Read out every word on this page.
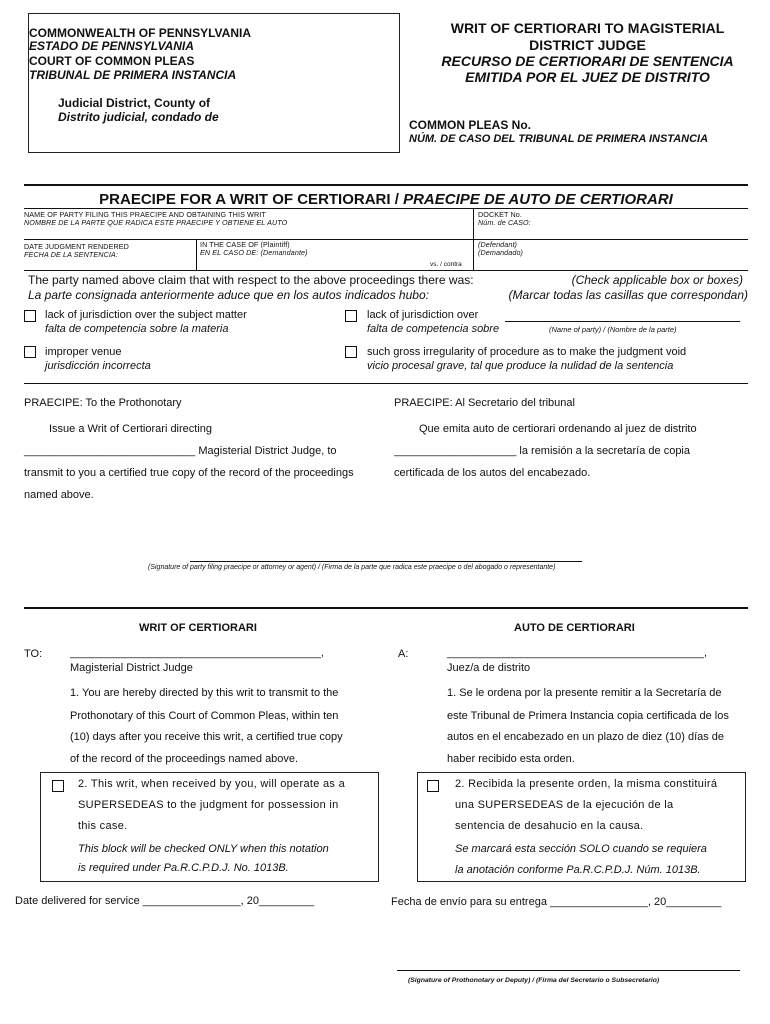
COMMONWEALTH OF PENNSYLVANIA
ESTADO DE PENNSYLVANIA
COURT OF COMMON PLEAS
TRIBUNAL DE PRIMERA INSTANCIA
Judicial District, County of
Distrito judicial, condado de
WRIT OF CERTIORARI TO MAGISTERIAL
DISTRICT JUDGE
RECURSO DE CERTIORARI DE SENTENCIA
EMITIDA POR EL JUEZ DE DISTRITO
COMMON PLEAS No.
NÚM. DE CASO DEL TRIBUNAL DE PRIMERA INSTANCIA
PRAECIPE FOR A WRIT OF CERTIORARI / PRAECIPE DE AUTO DE CERTIORARI
NAME OF PARTY FILING THIS PRAECIPE AND OBTAINING THIS WRIT
NOMBRE DE LA PARTE QUE RADICA ESTE PRAECIPE Y OBTIENE EL AUTO
DOCKET No.
Núm. de CASO:
DATE JUDGMENT RENDERED
FECHA DE LA SENTENCIA:
IN THE CASE OF (Plaintiff)
EN EL CASO DE: (Demandante)
(Defendant)
(Demandado)
vs. / contra
The party named above claim that with respect to the above proceedings there was:
La parte consignada anteriormente aduce que en los autos indicados hubo:
(Check applicable box or boxes)
(Marcar todas las casillas que correspondan)
lack of jurisdiction over the subject matter
falta de competencia sobre la materia
lack of jurisdiction over
falta de competencia sobre	(Name of party) / (Nombre de la parte)
improper venue
jurisdicción incorrecta
such gross irregularity of procedure as to make the judgment void
vicio procesal grave, tal que produce la nulidad de la sentencia
PRAECIPE: To the Prothonotary	PRAECIPE: Al Secretario del tribunal
Issue a Writ of Certiorari directing	Que emita auto de certiorari ordenando al juez de distrito
____________________________ Magisterial District Judge, to	____________________ la remisión a la secretaría de copia
transmit to you a certified true copy of the record of the proceedings	certificada de los autos del encabezado.
named above.
(Signature of party filing praecipe or attorney or agent) / (Firma de la parte que radica este praecipe o del abogado o representante)
WRIT OF CERTIORARI	AUTO DE CERTIORARI
TO:	_________________________________________,	A:	__________________________________________,
Magisterial District Judge	Juez/a de distrito
1. You are hereby directed by this writ to transmit to the
Prothonotary of this Court of Common Pleas, within ten
(10) days after you receive this writ, a certified true copy
of the record of the proceedings named above.
1. Se le ordena por la presente remitir a la Secretaría de
este Tribunal de Primera Instancia copia certificada de los
autos en el encabezado en un plazo de diez (10) días de
haber recibido esta orden.
2. This writ, when received by you, will operate as a
SUPERSEDEAS to the judgment for possession in
this case.
This block will be checked ONLY when this notation
is required under Pa.R.C.P.D.J. No. 1013B.
2. Recibida la presente orden, la misma constituirá
una SUPERSEDEAS de la ejecución de la
sentencia de desahucio en la causa.
Se marcará esta sección SOLO cuando se requiera
la anotación conforme Pa.R.C.P.D.J. Núm. 1013B.
Date delivered for service ________________, 20_________	Fecha de envío para su entrega ________________, 20_________
(Signature of Prothonotary or Deputy) / (Firma del Secretario o Subsecretario)
